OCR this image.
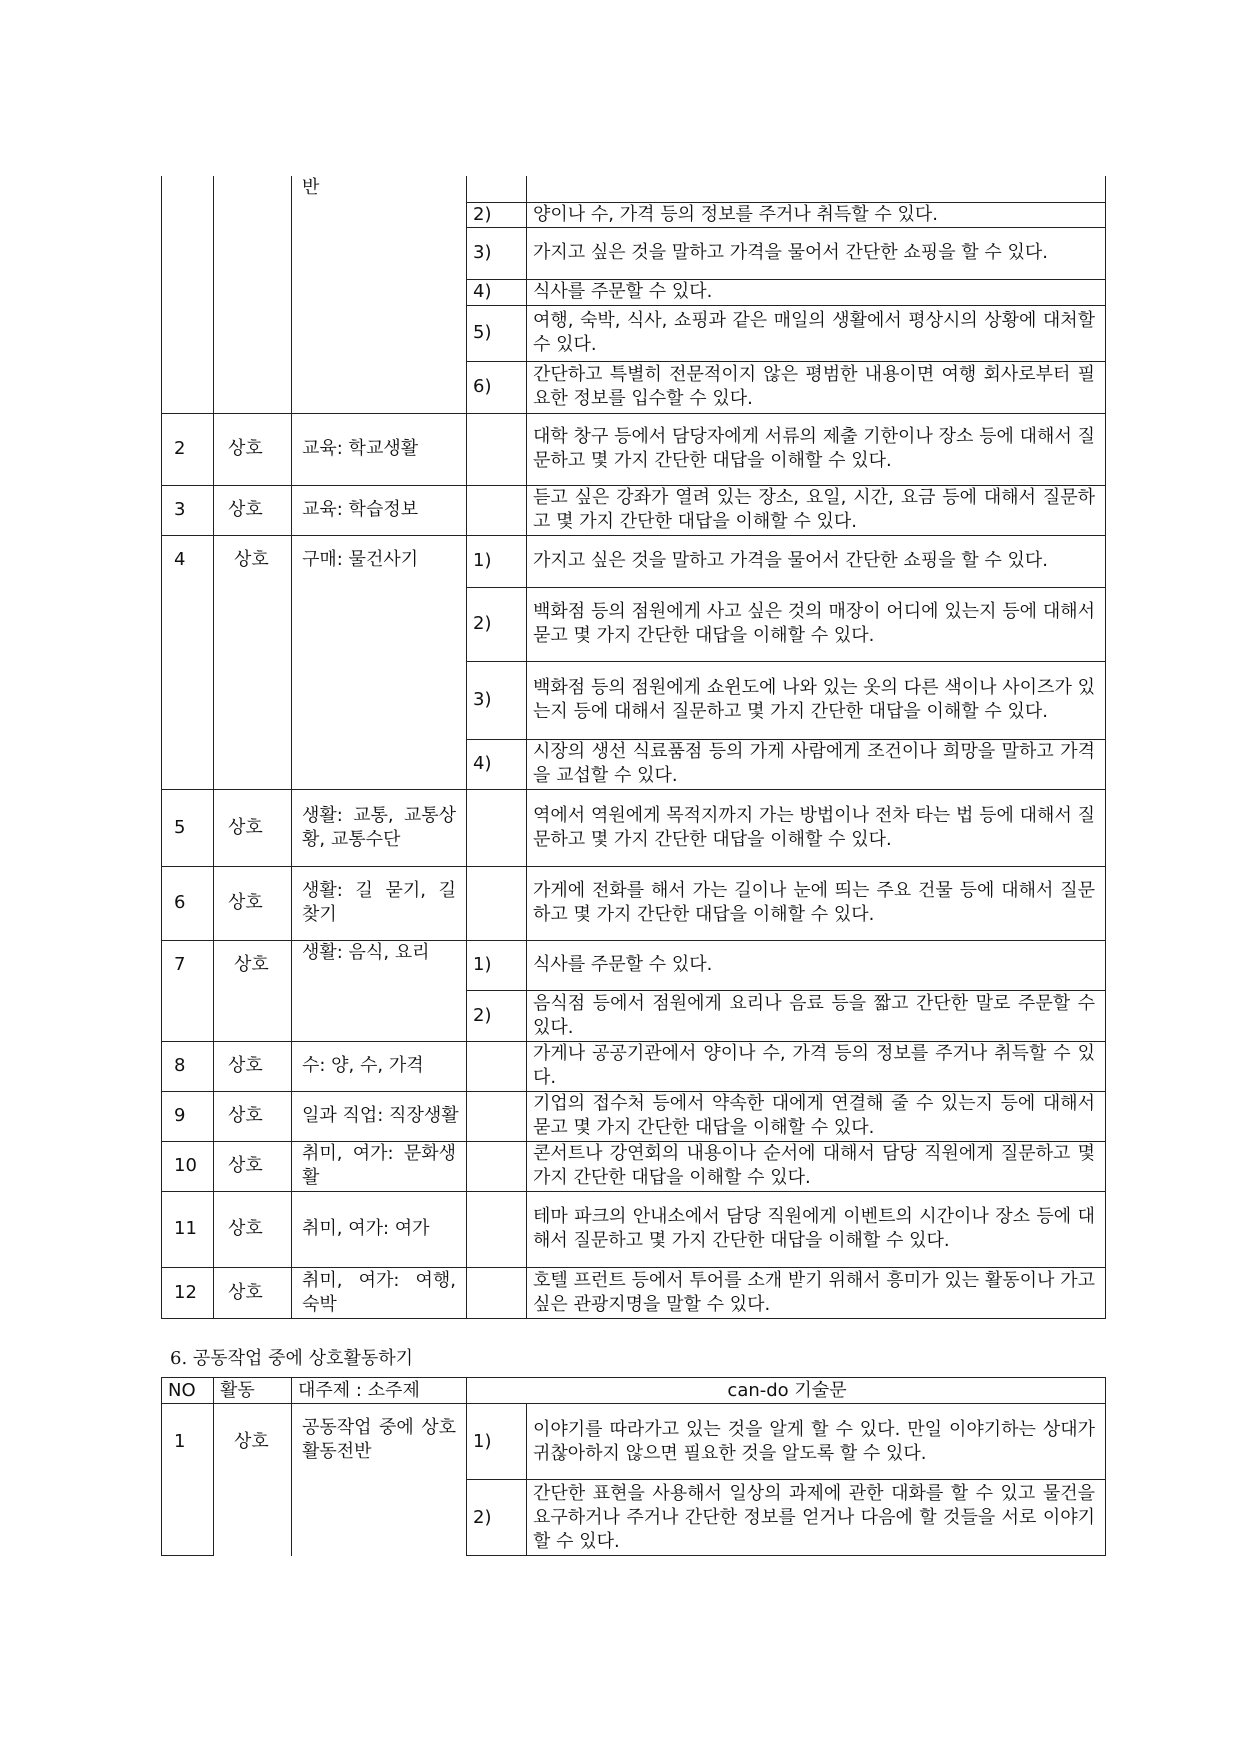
		반		
			2)	양이나 수, 가격 등의 정보를 주거나 취득할 수 있다.
			3)	가지고 싶은 것을 말하고 가격을 물어서 간단한 쇼핑을 할 수 있다.
			4)	식사를 주문할 수 있다.
			5)	여행, 숙박, 식사, 쇼핑과 같은 매일의 생활에서 평상시의 상황에 대처할 수 있다.
			6)	간단하고 특별히 전문적이지 않은 평범한 내용이면 여행 회사로부터 필요한 정보를 입수할 수 있다.
2	상호	교육: 학교생활		대학 창구 등에서 담당자에게 서류의 제출 기한이나 장소 등에 대해서 질문하고 몇 가지 간단한 대답을 이해할 수 있다.
3	상호	교육: 학습정보		듣고 싶은 강좌가 열려 있는 장소, 요일, 시간, 요금 등에 대해서 질문하고 몇 가지 간단한 대답을 이해할 수 있다.
4	상호	구매: 물건사기	1)	가지고 싶은 것을 말하고 가격을 물어서 간단한 쇼핑을 할 수 있다.
			2)	백화점 등의 점원에게 사고 싶은 것의 매장이 어디에 있는지 등에 대해서 묻고 몇 가지 간단한 대답을 이해할 수 있다.
			3)	백화점 등의 점원에게 쇼윈도에 나와 있는 옷의 다른 색이나 사이즈가 있는지 등에 대해서 질문하고 몇 가지 간단한 대답을 이해할 수 있다.
			4)	시장의 생선 식료품점 등의 가게 사람에게 조건이나 희망을 말하고 가격을 교섭할 수 있다.
5	상호	생활: 교통, 교통상황, 교통수단		역에서 역원에게 목적지까지 가는 방법이나 전차 타는 법 등에 대해서 질문하고 몇 가지 간단한 대답을 이해할 수 있다.
6	상호	생활: 길 묻기, 길 찾기		가게에 전화를 해서 가는 길이나 눈에 띄는 주요 건물 등에 대해서 질문하고 몇 가지 간단한 대답을 이해할 수 있다.
7	상호	생활: 음식, 요리	1)	식사를 주문할 수 있다.
			2)	음식점 등에서 점원에게 요리나 음료 등을 짧고 간단한 말로 주문할 수 있다.
8	상호	수: 양, 수, 가격		가게나 공공기관에서 양이나 수, 가격 등의 정보를 주거나 취득할 수 있다.
9	상호	일과 직업: 직장생활		기업의 접수처 등에서 약속한 대에게 연결해 줄 수 있는지 등에 대해서 묻고 몇 가지 간단한 대답을 이해할 수 있다.
10	상호	취미, 여가: 문화생활		콘서트나 강연회의 내용이나 순서에 대해서 담당 직원에게 질문하고 몇 가지 간단한 대답을 이해할 수 있다.
11	상호	취미, 여가: 여가		테마 파크의 안내소에서 담당 직원에게 이벤트의 시간이나 장소 등에 대해서 질문하고 몇 가지 간단한 대답을 이해할 수 있다.
12	상호	취미, 여가: 여행, 숙박		호텔 프런트 등에서 투어를 소개 받기 위해서 흥미가 있는 활동이나 가고 싶은 관광지명을 말할 수 있다.

6. 공동작업 중에 상호활동하기

NO	활동	대주제 : 소주제	can-do 기술문	
1	상호	공동작업 중에 상호활동전반	1)	이야기를 따라가고 있는 것을 알게 할 수 있다. 만일 이야기하는 상대가 귀찮아하지 않으면 필요한 것을 알도록 할 수 있다.
			2)	간단한 표현을 사용해서 일상의 과제에 관한 대화를 할 수 있고 물건을 요구하거나 주거나 간단한 정보를 얻거나 다음에 할 것들을 서로 이야기할 수 있다.
